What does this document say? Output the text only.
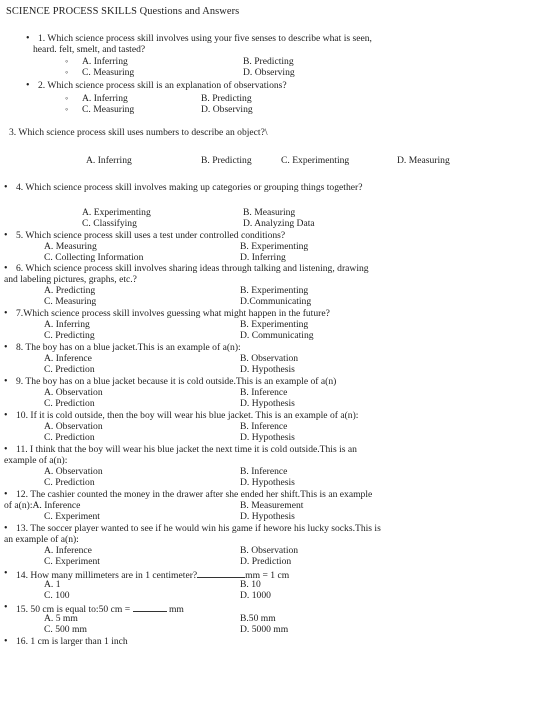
SCIENCE PROCESS SKILLS Questions and Answers
• 1. Which science process skill involves using your five senses to describe what is seen,
heard. felt, smelt, and tasted?
◦ A. Inferring	B. Predicting
◦ C. Measuring	D. Observing
• 2. Which science process skill is an explanation of observations?
◦ A. Inferring	B. Predicting
◦ C. Measuring	D. Observing
3. Which science process skill uses numbers to describe an object?\
A. Inferring	B. Predicting	C. Experimenting	D. Measuring
• 4. Which science process skill involves making up categories or grouping things together?
A. Experimenting	B. Measuring
C. Classifying	D. Analyzing Data
• 5. Which science process skill uses a test under controlled conditions?
A. Measuring	B. Experimenting
C. Collecting Information	D. Inferring
• 6. Which science process skill involves sharing ideas through talking and listening, drawing
and labeling pictures, graphs, etc.?
A. Predicting	B. Experimenting
C. Measuring	D.Communicating
• 7.Which science process skill involves guessing what might happen in the future?
A. Inferring	B. Experimenting
C. Predicting	D. Communicating
• 8. The boy has on a blue jacket.This is an example of a(n):
A. Inference	B. Observation
C. Prediction	D. Hypothesis
• 9. The boy has on a blue jacket because it is cold outside.This is an example of a(n)
A. Observation	B. Inference
C. Prediction	D. Hypothesis
• 10. If it is cold outside, then the boy will wear his blue jacket. This is an example of a(n):
A. Observation	B. Inference
C. Prediction	D. Hypothesis
• 11. I think that the boy will wear his blue jacket the next time it is cold outside.This is an
example of a(n):
A. Observation	B. Inference
C. Prediction	D. Hypothesis
• 12. The cashier counted the money in the drawer after she ended her shift.This is an example
of a(n):A. Inference	B. Measurement
C. Experiment	D. Hypothesis
• 13. The soccer player wanted to see if he would win his game if hewore his lucky socks.This is
an example of a(n):
A. Inference	B. Observation
C. Experiment	D. Prediction
• 14. How many millimeters are in 1 centimeter?	mm = 1 cm
A. 1	B. 10
C. 100	D. 1000
• 15. 50 cm is equal to:50 cm =	mm
A. 5 mm	B.50 mm
C. 500 mm	D. 5000 mm
• 16. 1 cm is larger than 1 inch
